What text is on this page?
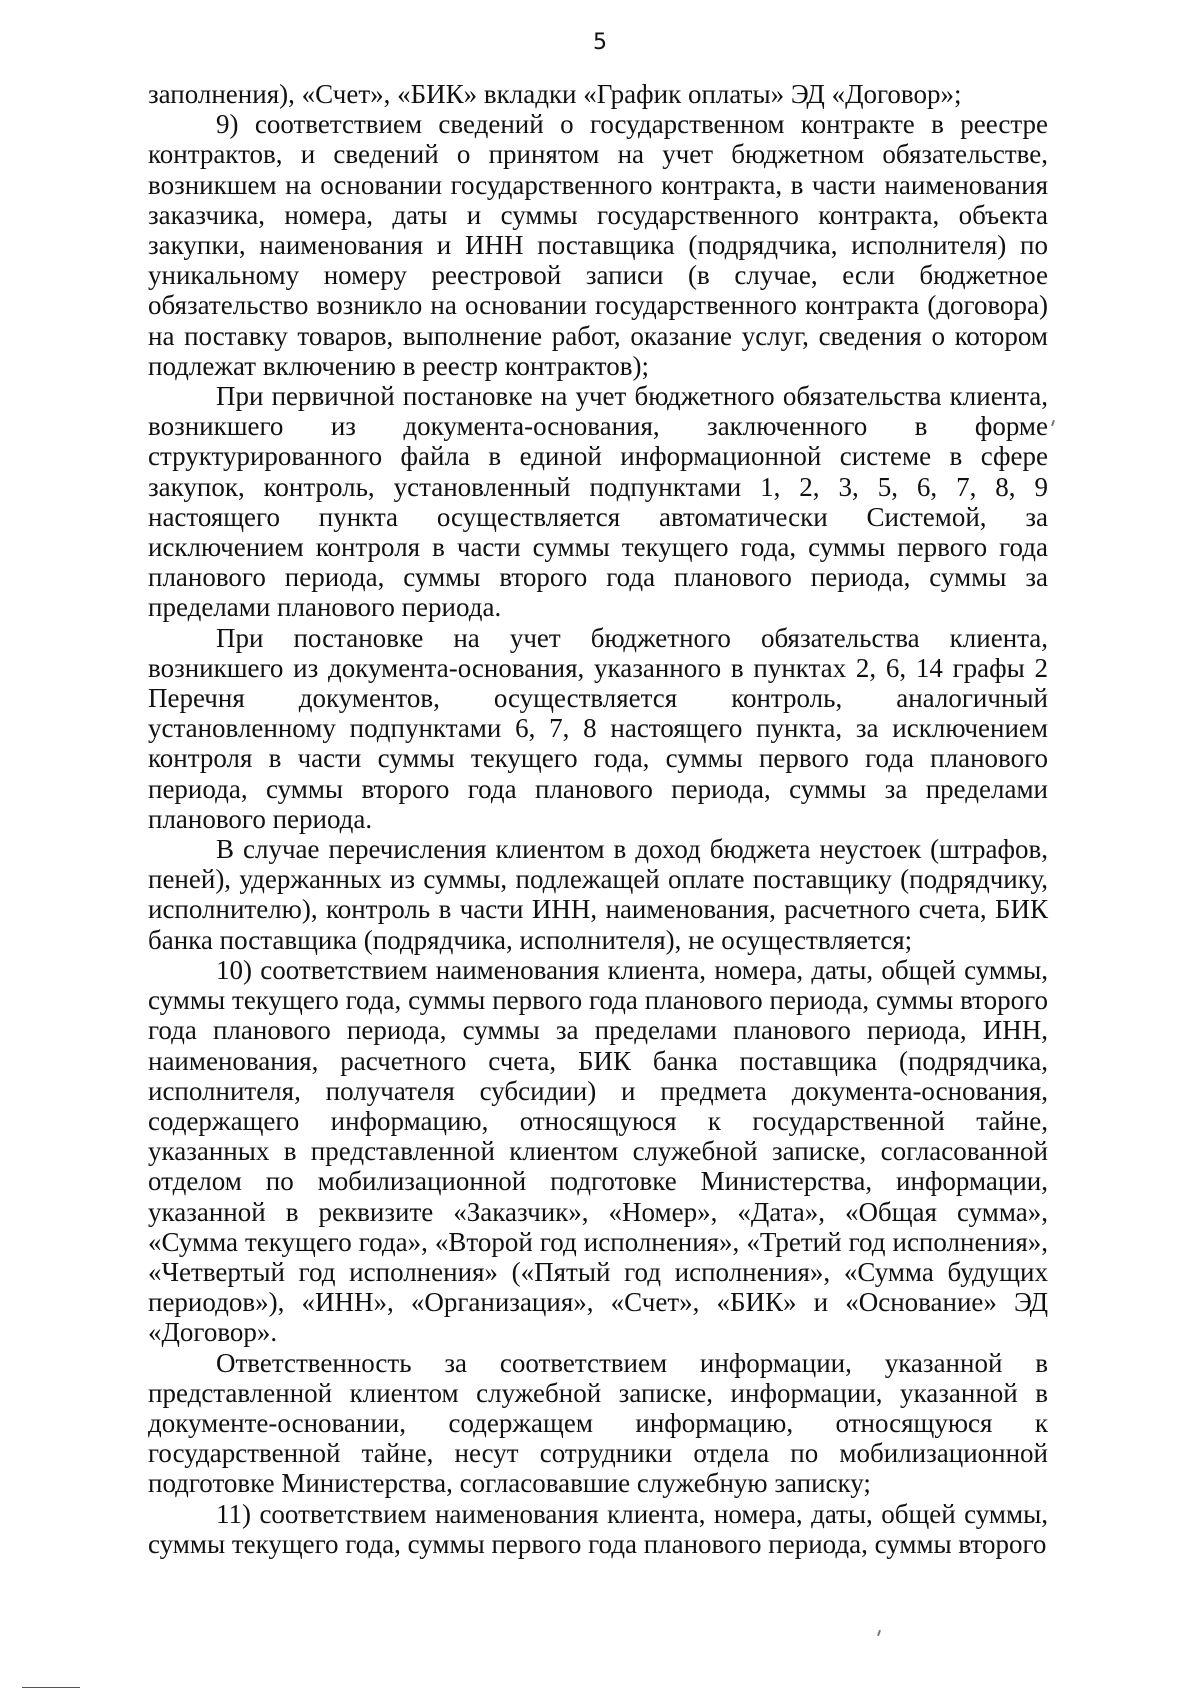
5

заполнения), «Счет», «БИК» вкладки «График оплаты» ЭД «Договор»;

9) соответствием сведений о государственном контракте в реестре контрактов, и сведений о принятом на учет бюджетном обязательстве, возникшем на основании государственного контракта, в части наименования заказчика, номера, даты и суммы государственного контракта, объекта закупки, наименования и ИНН поставщика (подрядчика, исполнителя) по уникальному номеру реестровой записи (в случае, если бюджетное обязательство возникло на основании государственного контракта (договора) на поставку товаров, выполнение работ, оказание услуг, сведения о котором подлежат включению в реестр контрактов);

При первичной постановке на учет бюджетного обязательства клиента, возникшего из документа-основания, заключенного в форме структурированного файла в единой информационной системе в сфере закупок, контроль, установленный подпунктами 1, 2, 3, 5, 6, 7, 8, 9 настоящего пункта осуществляется автоматически Системой, за исключением контроля в части суммы текущего года, суммы первого года планового периода, суммы второго года планового периода, суммы за пределами планового периода.

При постановке на учет бюджетного обязательства клиента, возникшего из документа-основания, указанного в пунктах 2, 6, 14 графы 2 Перечня документов, осуществляется контроль, аналогичный установленному подпунктами 6, 7, 8 настоящего пункта, за исключением контроля в части суммы текущего года, суммы первого года планового периода, суммы второго года планового периода, суммы за пределами планового периода.

В случае перечисления клиентом в доход бюджета неустоек (штрафов, пеней), удержанных из суммы, подлежащей оплате поставщику (подрядчику, исполнителю), контроль в части ИНН, наименования, расчетного счета, БИК банка поставщика (подрядчика, исполнителя), не осуществляется;

10) соответствием наименования клиента, номера, даты, общей суммы, суммы текущего года, суммы первого года планового периода, суммы второго года планового периода, суммы за пределами планового периода, ИНН, наименования, расчетного счета, БИК банка поставщика (подрядчика, исполнителя, получателя субсидии) и предмета документа-основания, содержащего информацию, относящуюся к государственной тайне, указанных в представленной клиентом служебной записке, согласованной отделом по мобилизационной подготовке Министерства, информации, указанной в реквизите «Заказчик», «Номер», «Дата», «Общая сумма», «Сумма текущего года», «Второй год исполнения», «Третий год исполнения», «Четвертый год исполнения» («Пятый год исполнения», «Сумма будущих периодов»), «ИНН», «Организация», «Счет», «БИК» и «Основание» ЭД «Договор».

Ответственность за соответствием информации, указанной в представленной клиентом служебной записке, информации, указанной в документе-основании, содержащем информацию, относящуюся к государственной тайне, несут сотрудники отдела по мобилизационной подготовке Министерства, согласовавшие служебную записку;

11) соответствием наименования клиента, номера, даты, общей суммы, суммы текущего года, суммы первого года планового периода, суммы второго
